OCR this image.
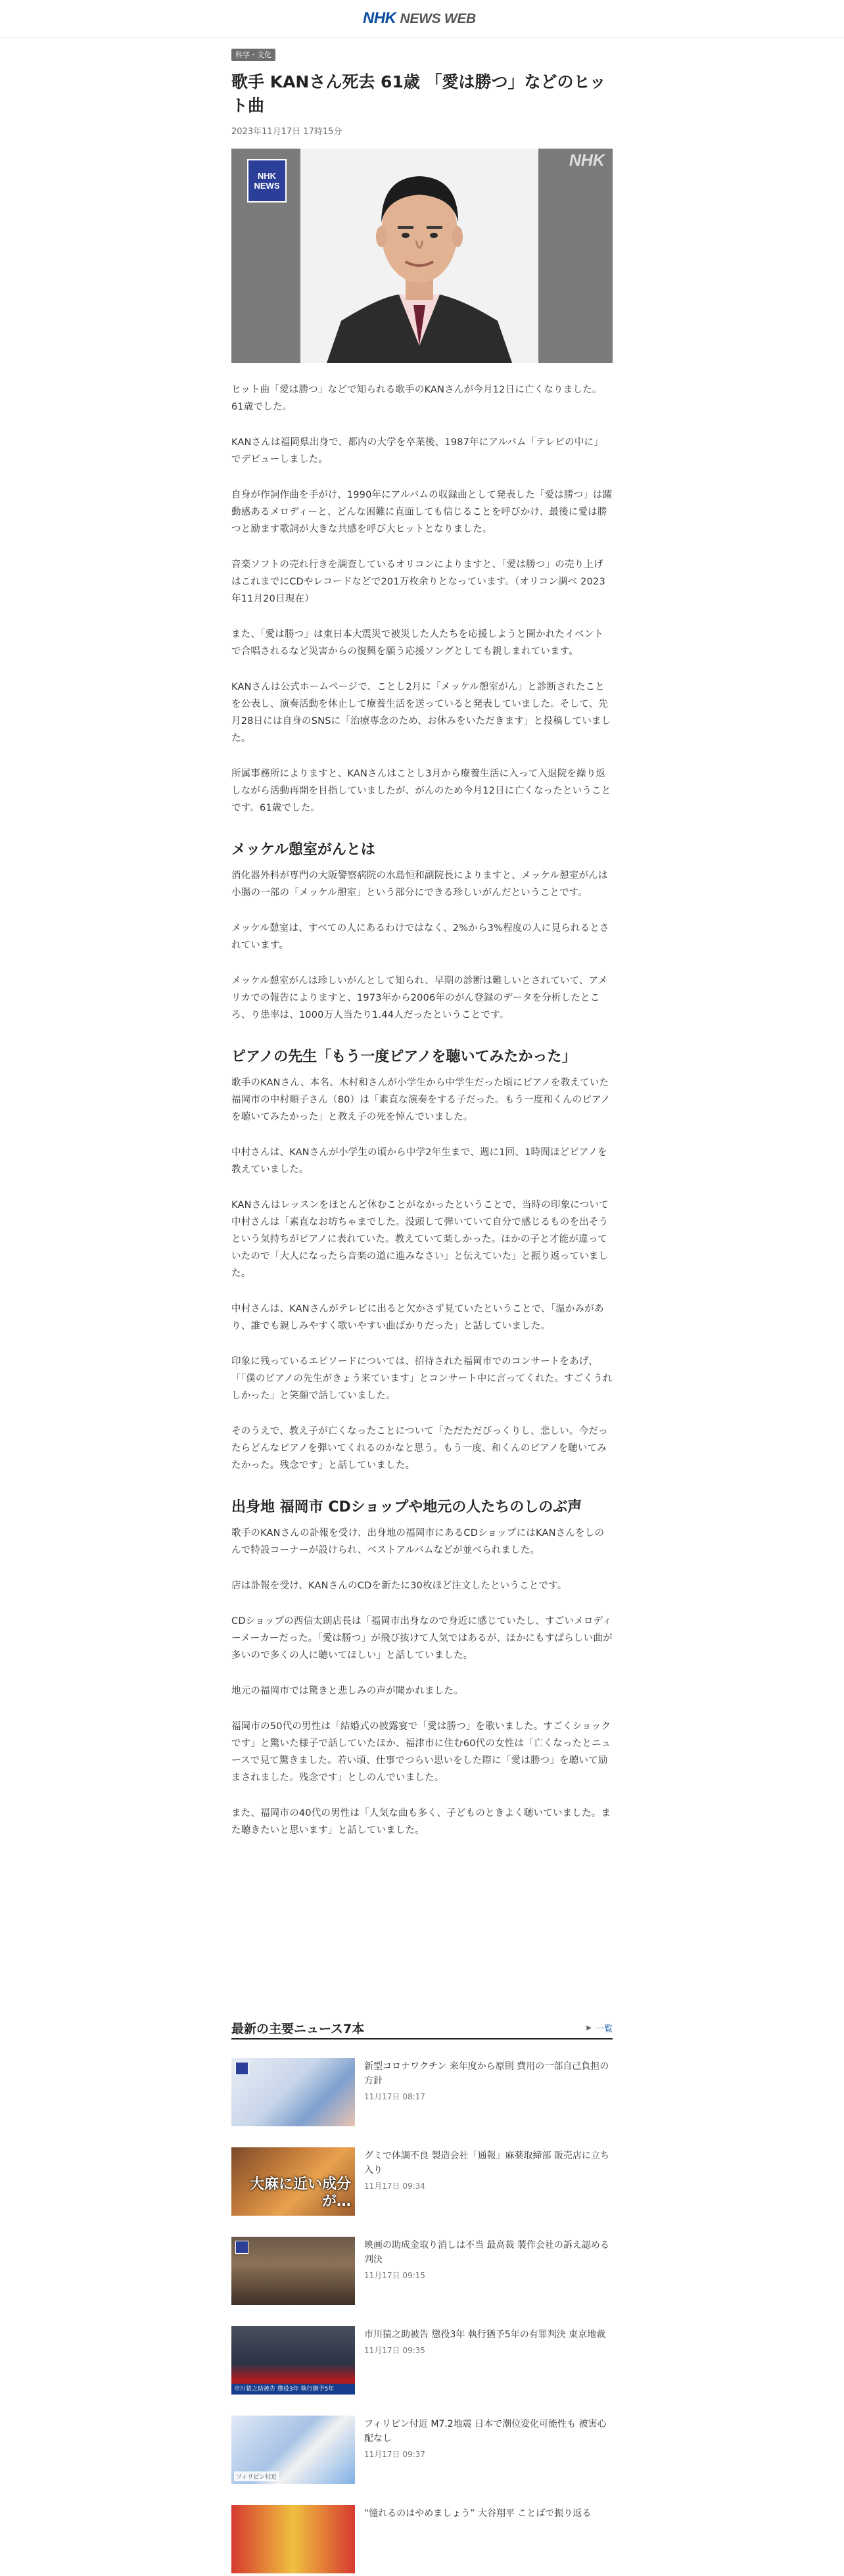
NHK NEWS WEB
科学・文化
歌手 KANさん死去 61歳 「愛は勝つ」などのヒット曲
2023年11月17日 17時15分
NHK NEWS
NHK

ヒット曲「愛は勝つ」などで知られる歌手のKANさんが今月12日に亡くなりました。61歳でした。

KANさんは福岡県出身で、都内の大学を卒業後、1987年にアルバム「テレビの中に」でデビューしました。

自身が作詞作曲を手がけ、1990年にアルバムの収録曲として発表した「愛は勝つ」は躍動感あるメロディーと、どんな困難に直面しても信じることを呼びかけ、最後に愛は勝つと励ます歌詞が大きな共感を呼び大ヒットとなりました。

音楽ソフトの売れ行きを調査しているオリコンによりますと、「愛は勝つ」の売り上げはこれまでにCDやレコードなどで201万枚余りとなっています。（オリコン調べ 2023年11月20日現在）

また、「愛は勝つ」は東日本大震災で被災した人たちを応援しようと開かれたイベントで合唱されるなど災害からの復興を願う応援ソングとしても親しまれています。

KANさんは公式ホームページで、ことし2月に「メッケル憩室がん」と診断されたことを公表し、演奏活動を休止して療養生活を送っていると発表していました。そして、先月28日には自身のSNSに「治療専念のため、お休みをいただきます」と投稿していました。

所属事務所によりますと、KANさんはことし3月から療養生活に入って入退院を繰り返しながら活動再開を目指していましたが、がんのため今月12日に亡くなったということです。61歳でした。

メッケル憩室がんとは

消化器外科が専門の大阪警察病院の水島恒和副院長によりますと、メッケル憩室がんは小腸の一部の「メッケル憩室」という部分にできる珍しいがんだということです。

メッケル憩室は、すべての人にあるわけではなく、2%から3%程度の人に見られるとされています。

メッケル憩室がんは珍しいがんとして知られ、早期の診断は難しいとされていて、アメリカでの報告によりますと、1973年から2006年のがん登録のデータを分析したところ、り患率は、1000万人当たり1.44人だったということです。

ピアノの先生「もう一度ピアノを聴いてみたかった」

歌手のKANさん、本名、木村和さんが小学生から中学生だった頃にピアノを教えていた福岡市の中村順子さん（80）は「素直な演奏をする子だった。もう一度和くんのピアノを聴いてみたかった」と教え子の死を悼んでいました。

中村さんは、KANさんが小学生の頃から中学2年生まで、週に1回、1時間ほどピアノを教えていました。

KANさんはレッスンをほとんど休むことがなかったということで、当時の印象について中村さんは「素直なお坊ちゃまでした。没頭して弾いていて自分で感じるものを出そうという気持ちがピアノに表れていた。教えていて楽しかった。ほかの子と才能が違っていたので「大人になったら音楽の道に進みなさい」と伝えていた」と振り返っていました。

中村さんは、KANさんがテレビに出ると欠かさず見ていたということで、「温かみがあり、誰でも親しみやすく歌いやすい曲ばかりだった」と話していました。

印象に残っているエピソードについては、招待された福岡市でのコンサートをあげ、「「僕のピアノの先生がきょう来ています」とコンサート中に言ってくれた。すごくうれしかった」と笑顔で話していました。

そのうえで、教え子が亡くなったことについて「ただただびっくりし、悲しい。今だったらどんなピアノを弾いてくれるのかなと思う。もう一度、和くんのピアノを聴いてみたかった。残念です」と話していました。

出身地 福岡市 CDショップや地元の人たちのしのぶ声

歌手のKANさんの訃報を受け、出身地の福岡市にあるCDショップにはKANさんをしのんで特設コーナーが設けられ、ベストアルバムなどが並べられました。

店は訃報を受け、KANさんのCDを新たに30枚ほど注文したということです。

CDショップの西信太朗店長は「福岡市出身なので身近に感じていたし、すごいメロディーメーカーだった。「愛は勝つ」が飛び抜けて人気ではあるが、ほかにもすばらしい曲が多いので多くの人に聴いてほしい」と話していました。

地元の福岡市では驚きと悲しみの声が聞かれました。

福岡市の50代の男性は「結婚式の披露宴で「愛は勝つ」を歌いました。すごくショックです」と驚いた様子で話していたほか、福津市に住む60代の女性は「亡くなったとニュースで見て驚きました。若い頃、仕事でつらい思いをした際に「愛は勝つ」を聴いて励まされました。残念です」としのんでいました。

また、福岡市の40代の男性は「人気な曲も多く、子どものときよく聴いていました。また聴きたいと思います」と話していました。

最新の主要ニュース7本	▶ 一覧
新型コロナワクチン 来年度から原則 費用の一部自己負担の方針
11月17日 08:17
大麻に近い成分が…
グミで体調不良 製造会社「通報」麻薬取締部 販売店に立ち入り
11月17日 09:34
映画の助成金取り消しは不当 最高裁 製作会社の訴え認める判決
11月17日 09:15
市川猿之助被告 懲役3年 執行猶予5年
市川猿之助被告 懲役3年 執行猶予5年の有罪判決 東京地裁
11月17日 09:35
フィリピン付近
フィリピン付近 M7.2地震 日本で潮位変化可能性も 被害心配なし
11月17日 09:37
“憧れるのはやめましょう” 大谷翔平 ことばで振り返る
